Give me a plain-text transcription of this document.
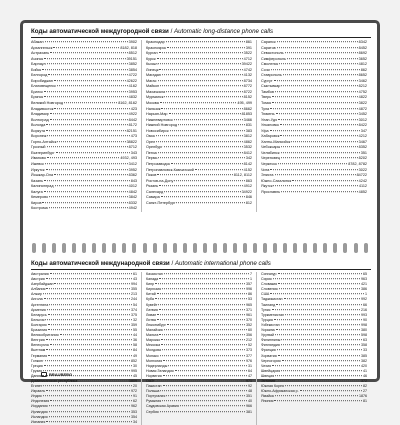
Коды автоматической междугородной связи / Automatic long-distance phone calls
Абакан	3902
Архангельск	8182, 818
Астрахань	8512
Ачинск	39151
Барнаул	3852
Бийск	3854
Белгород	4722
Биробиджан	42622
Благовещенск	4162
Братск	3953
Брянск	4832
Великий Новгород	8162, 8162
Владивосток	423
Владимир	4922
Волгоград	8442
Вологда	8172
Воркута	82151
Воронеж	473
Горно-Алтайск	38822
Грозный	8712
Екатеринбург	343
Иваново	4932, 493
Ижевск	3412
Иркутск	3952
Йошкар-Ола	8362
Казань	843
Калининград	4012
Калуга	4842
Кемерово	3842
Киров	8332
Кострома	4942
Краснодар	861
Красноярск	391
Курган	3522
Курск	4712
Кызыл	39422
Липецк	4742
Магадан	4132
Магас	8734
Майкоп	8772
Махачкала	8722
Мурманск	8152
Москва	495, 499
Нальчик	8662
Нарьян-Мар	81853
Нижневартовск	3466
Нижний Новгород	831
Новосибирск	383
Омск	3812
Орел	4862
Оренбург	3532
Пенза	8412
Пермь	342
Петрозаводск	8142
Петропавловск-Камчатский	4152
Псков	8112, 8112
Ростов-на-Дону	863
Рязань	4912
Салехард	34922
Самара	846
Санкт-Петербург	812
Саранск	8342
Саратов	8452
Севастополь	8692
Симферополь	3652
Смоленск	4812
Сочи	862
Ставрополь	8652
Сургут	3462
Сыктывкар	8212
Тамбов	4752
Тверь	4822
Томск	3822
Тула	4872
Тюмень	3452
Улан-Удэ	3012
Ульяновск	8422
Уфа	347
Хабаровск	4212
Ханты-Мансийск	3467
Чебоксары	8352
Челябинск	351
Череповец	8202
Черкесск	8782, 8782
Чита	3022
Элиста	84722
Южно-Сахалинск	4242
Якутск	4112
Ярославль	4852
Коды автоматической международной связи / Automatic international phone calls
Австралия	61
Австрия	43
Азербайджан	994
Албания	355
Алжир	213
Ангола	244
Аргентина	54
Армения	374
Беларусь	375
Бельгия	32
Болгария	359
Бразилия	55
Великобритания	44
Венгрия	36
Венесуэла	58
Вьетнам	84
Германия	49
Гонконг	852
Греция	30
Грузия	995
Дания	45
Доминиканская республика	1809
Египет	20
Израиль	972
Индия	91
Индонезия	62
Иордания	962
Ирландия	353
Исландия	354
Испания	34
Казахстан	7
Канада	1
Кипр	357
Киргизия	996
Китай	86
Куба	53
Кувейт	965
Латвия	371
Ливан	961
Литва	370
Люксембург	352
Малайзия	60
Мальта	356
Марокко	212
Мексика	52
Молдова	373
Монако	377
Монголия	976
Нидерланды	31
Новая Зеландия	64
Норвегия	47
ОАЭ	971
Пакистан	92
Польша	48
Португалия	351
Румыния	40
Саудовская Аравия	966
Сербия	381
Сингапур	65
Сирия	963
Словакия	421
Словения	386
США	1
Таджикистан	992
Таиланд	66
Тунис	216
Туркменистан	993
Турция	90
Узбекистан	998
Украина	380
Уругвай	598
Филиппины	63
Финляндия	358
Франция	33
Хорватия	385
Черногория	382
Чехия	420
Швейцария	41
Швеция	46
Эстония	372
Южная Корея	82
Южно-Африканская р.	27
Ямайка	1876
Япония	81
BRAUBERG
